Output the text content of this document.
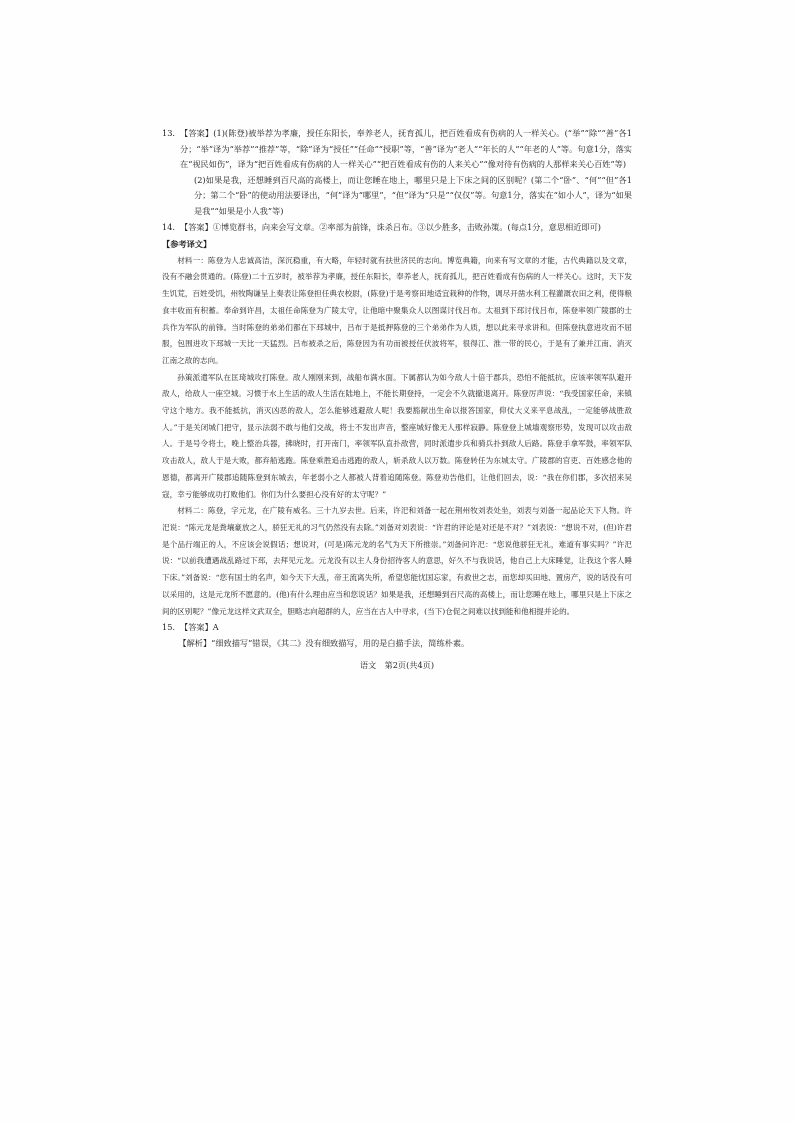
13. 【答案】(1)(陈登)被举荐为孝廉，授任东阳长，奉养老人，抚育孤儿，把百姓看成有伤病的人一样关心。(“举”“除”“善”各1分；“举”译为“举荐”“推荐”等，“除”译为“授任”“任命”“授职”等，“善”译为“老人”“年长的人”“年老的人”等。句意1分，落实在“视民如伤”，译为“把百姓看成有伤病的人一样关心”“把百姓看成有伤的人来关心”“像对待有伤病的人那样来关心百姓”等)

(2)如果是我，还想睡到百尺高的高楼上，而让您睡在地上，哪里只是上下床之间的区别呢？(第二个“卧”、“何”“但”各1分；第二个“卧”的使动用法要译出，“何”译为“哪里”，“但”译为“只是”“仅仅”等。句意1分，落实在“如小人”，译为“如果是我”“如果是小人我”等)

14. 【答案】①博览群书，向来会写文章。②率部为前锋，诛杀吕布。③以少胜多，击败孙策。(每点1分，意思相近即可)

【参考译文】

材料一：陈登为人忠诚高洁，深沉稳重，有大略，年轻时就有扶世济民的志向。博览典籍，向来有写文章的才能，古代典籍以及文章，没有不融会贯通的。(陈登)二十五岁时，被举荐为孝廉，授任东阳长，奉养老人，抚育孤儿，把百姓看成有伤病的人一样关心。这时，天下发生饥荒，百姓受饥，州牧陶谦呈上奏表让陈登担任典农校尉，(陈登)于是考察田地适宜栽种的作物，调尽开凿水利工程灌溉农田之利，使得粮食丰收而有积蓄。奉命到许昌，太祖任命陈登为广陵太守，让他暗中聚集众人以图谋讨伐吕布。太祖到下邳讨伐吕布，陈登率领广陵郡的士兵作为军队的前锋。当时陈登的弟弟们都在下邳城中，吕布于是抵押陈登的三个弟弟作为人质，想以此来寻求讲和。但陈登执意进攻而不屈服，包围进攻下邳城一天比一天猛烈。吕布被杀之后，陈登因为有功而被授任伏波将军，很得江、淮一带的民心，于是有了兼并江南、消灭江南之敌的志向。

孙策派遣军队在匡琦城攻打陈登。敌人刚刚来到，战船布满水面。下属都认为如今敌人十倍于郡兵，恐怕不能抵抗，应该率领军队避开敌人，给敌人一座空城。习惯于水上生活的敌人生活在陆地上，不能长期登持，一定会不久就撤退离开。陈登厉声说：“我受国家任命，来镇守这个地方。我不能抵抗，消灭凶恶的敌人，怎么能够逃避敌人呢！我要豁献出生命以报答国家，仰仗大义来平息战乱，一定能够战胜敌人。”于是关闭城门把守，显示法弱不敢与他们交战，将士不发出声音，整座城好像无人那样寂静。陈登登上城墙观察形势，发现可以攻击敌人。于是号令将士，晚上整治兵器，拂晓时，打开南门，率领军队直扑敌营，同时派遣步兵和骑兵扑到敌人后路。陈登手拿军鼓，率领军队攻击敌人，敌人于是大败，都弃船逃跑。陈登乘胜追击逃跑的敌人，斩杀敌人以万数。陈登转任为东城太守。广陵郡的官吏、百姓感念他的恩德，都离开广陵郡追随陈登到东城去，年老弱小之人都被人背着追随陈登。陈登劝告他们，让他们回去，说：“我在你们郡，多次招来吴寇，幸亏能够成功打败他们。你们为什么要担心没有好的太守呢？”

材料二：陈登，字元龙，在广陵有威名。三十九岁去世。后来，许汜和刘备一起在荆州牧刘表处坐，刘表与刘备一起品论天下人物。许汜说：“陈元龙是粪壤豪放之人，骄狂无礼的习气仍然没有去除。”刘备对刘表说：“许君的评论是对还是不对？”刘表说：“想说不对，(但)许君是个品行端正的人，不应该会说假话；想说对，(可是)陈元龙的名气为天下所推崇。”刘备问许汜：“您说他骄狂无礼，难道有事实吗？”许汜说：“以前我遭遇战乱路过下邳，去拜见元龙。元龙没有以主人身份招待客人的意思，好久不与我说话，他自己上大床睡觉，让我这个客人睡下床。”刘备说：“您有国士的名声，如今天下大乱，帝王流离失所，希望您能忧国忘家，有救世之志，而您却买田地、置房产，说的话没有可以采用的，这是元龙所不愿意的。(他)有什么理由应当和您说话？如果是我，还想睡到百尺高的高楼上，而让您睡在地上，哪里只是上下床之间的区别呢？”像元龙这样文武双全，胆略志向超群的人，应当在古人中寻求，(当下)仓促之间难以找到能和他相提并论的。

15. 【答案】A

【解析】“细致描写”错误，《其二》没有细致描写，用的是白描手法，简练朴素。

语文　第2页(共4页)
